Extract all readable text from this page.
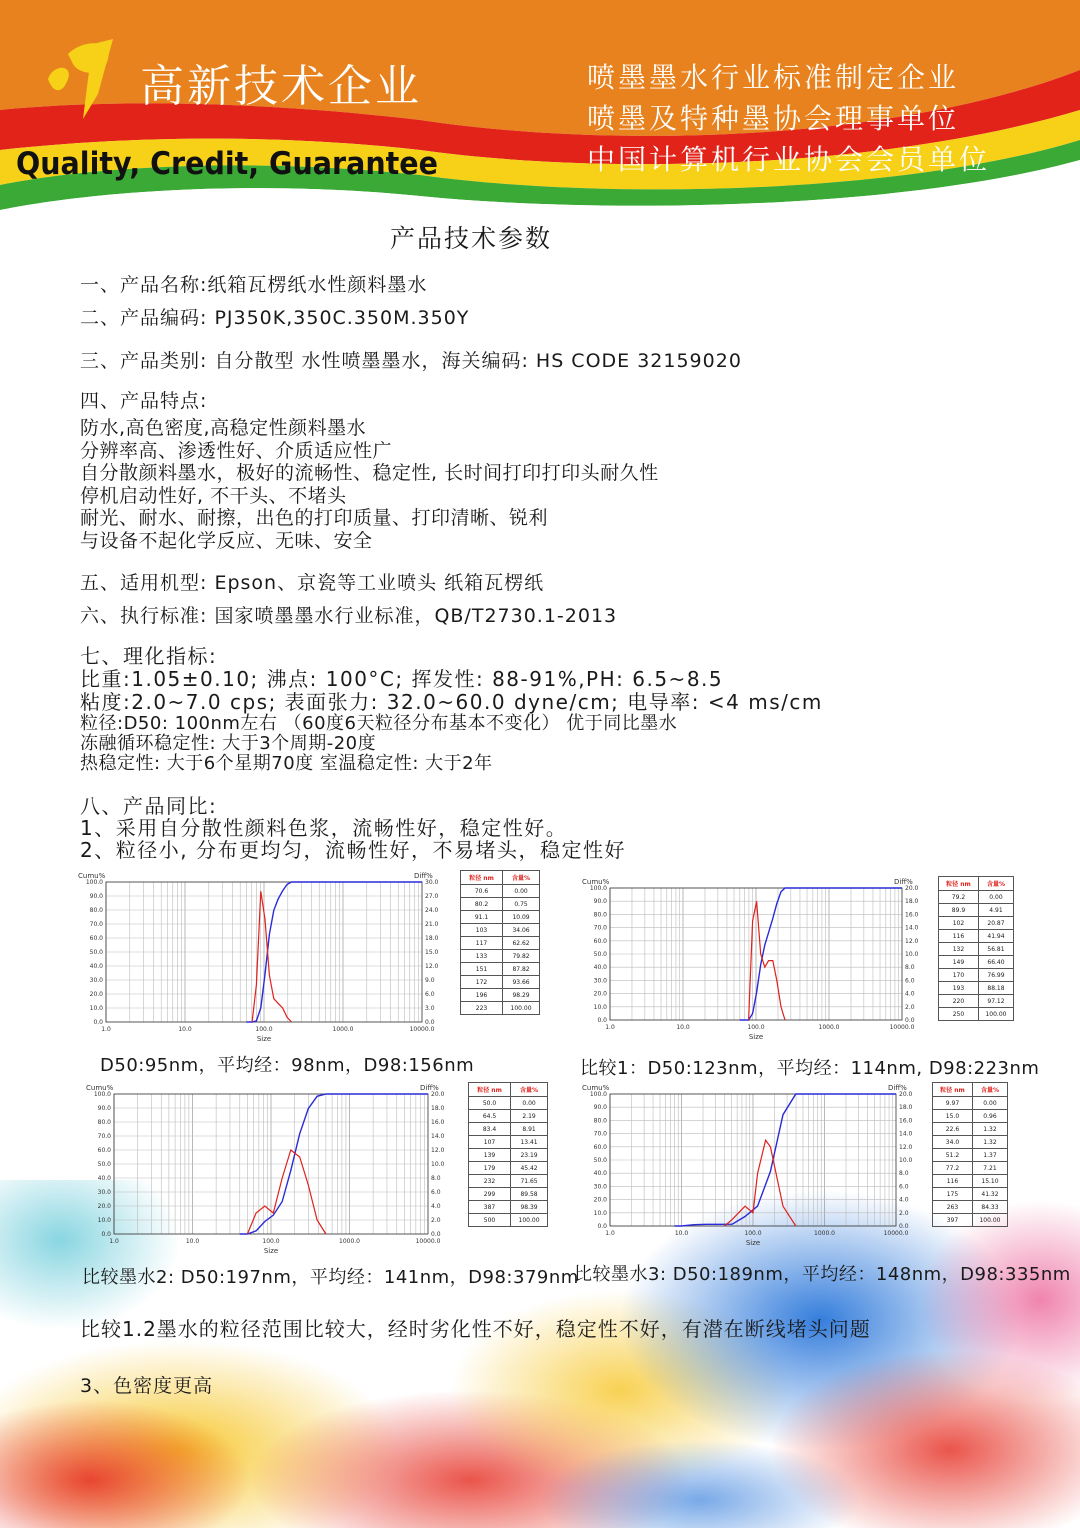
高新技术企业
Quality, Credit, Guarantee
喷墨墨水行业标准制定企业
喷墨及特种墨协会理事单位
中国计算机行业协会会员单位
产品技术参数
一、产品名称:纸箱瓦楞纸水性颜料墨水
二、产品编码: PJ350K,350C.350M.350Y
三、产品类别: 自分散型 水性喷墨墨水，海关编码: HS CODE 32159020
四、产品特点:
防水,高色密度,高稳定性颜料墨水
分辨率高、渗透性好、介质适应性广
自分散颜料墨水，极好的流畅性、稳定性, 长时间打印打印头耐久性
停机启动性好, 不干头、不堵头
耐光、耐水、耐擦，出色的打印质量、打印清晰、锐利
与设备不起化学反应、无味、安全
五、适用机型: Epson、京瓷等工业喷头 纸箱瓦楞纸
六、执行标准: 国家喷墨墨水行业标准，QB/T2730.1-2013
七、理化指标:
比重:1.05±0.10; 沸点: 100°C; 挥发性: 88-91%,PH: 6.5~8.5
粘度:2.0~7.0 cps; 表面张力: 32.0~60.0 dyne/cm; 电导率: <4 ms/cm
粒径:D50: 100nm左右 （60度6天粒径分布基本不变化） 优于同比墨水
冻融循环稳定性: 大于3个周期-20度
热稳定性: 大于6个星期70度 室温稳定性: 大于2年
八、产品同比:
1、采用自分散性颜料色浆，流畅性好，稳定性好。
2、粒径小, 分布更均匀，流畅性好，不易堵头，稳定性好
0.0
10.0
20.0
30.0
40.0
50.0
60.0
70.0
80.0
90.0
100.0
0.0
3.0
6.0
9.0
12.0
15.0
18.0
21.0
24.0
27.0
30.0
1.0	10.0	100.0	1000.0	10000.0
Cumu%	Diff%
Size
0.0
10.0
20.0
30.0
40.0
50.0
60.0
70.0
80.0
90.0
100.0
0.0
2.0
4.0
6.0
8.0
10.0
12.0
14.0
16.0
18.0
20.0
1.0	10.0	100.0	1000.0	10000.0
Cumu%	Diff%
Size
0.0
10.0
20.0
30.0
40.0
50.0
60.0
70.0
80.0
90.0
100.0
0.0
2.0
4.0
6.0
8.0
10.0
12.0
14.0
16.0
18.0
20.0
1.0	10.0	100.0	1000.0	10000.0
Cumu%	Diff%
Size
0.0
10.0
20.0
30.0
40.0
50.0
60.0
70.0
80.0
90.0
100.0
0.0
2.0
4.0
6.0
8.0
10.0
12.0
14.0
16.0
18.0
20.0
1.0	10.0	100.0	1000.0	10000.0
Cumu%	Diff%
Size
粒径 nm	含量%
70.6	0.00
80.2	0.75
91.1	10.09
103	34.06
117	62.62
133	79.82
151	87.82
172	93.66
196	98.29
223	100.00
粒径 nm	含量%
79.2	0.00
89.9	4.91
102	20.87
116	41.94
132	56.81
149	66.40
170	76.99
193	88.18
220	97.12
250	100.00
粒径 nm	含量%
50.0	0.00
64.5	2.19
83.4	8.91
107	13.41
139	23.19
179	45.42
232	71.65
299	89.58
387	98.39
500	100.00
粒径 nm	含量%
9.97	0.00
15.0	0.96
22.6	1.32
34.0	1.32
51.2	1.37
77.2	7.21
116	15.10
175	41.32
263	84.33
397	100.00
D50:95nm，平均经：98nm，D98:156nm	比较1：D50:123nm，平均经：114nm, D98:223nm
比较墨水2: D50:197nm，平均经：141nm，D98:379nm
比较墨水3: D50:189nm，平均经：148nm，D98:335nm
比较1.2墨水的粒径范围比较大，经时劣化性不好，稳定性不好，有潜在断线堵头问题
3、色密度更高
